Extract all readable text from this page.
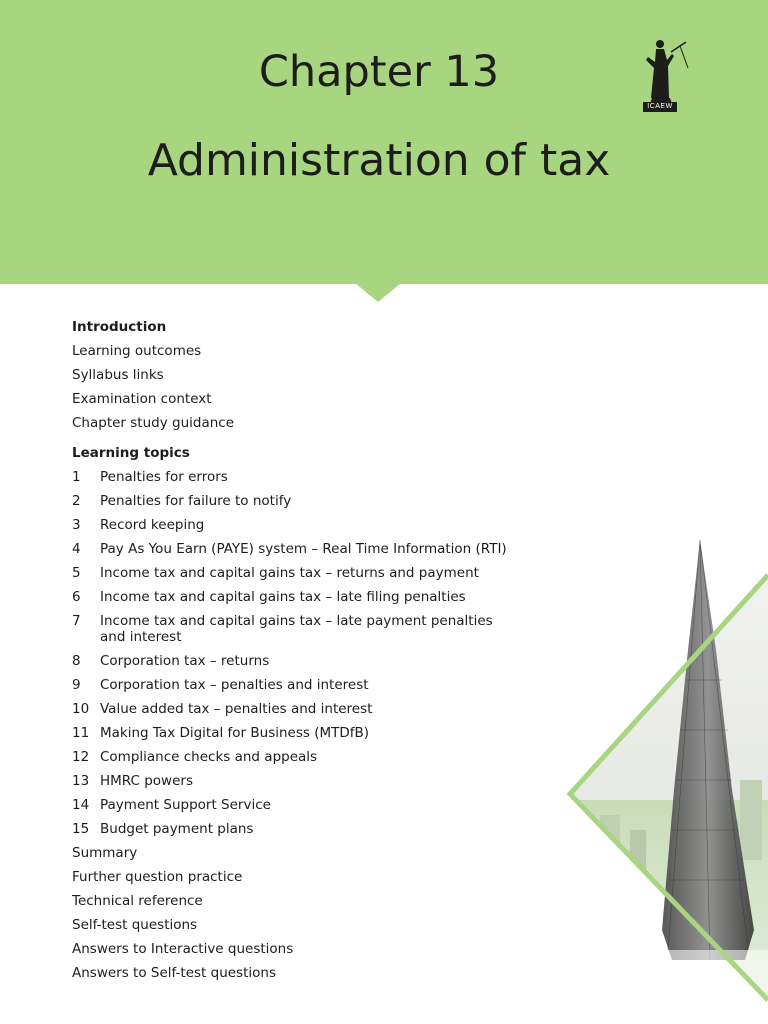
Chapter 13
Administration of tax
ICAEW
Introduction
Learning outcomes
Syllabus links
Examination context
Chapter study guidance
Learning topics
1	Penalties for errors
2	Penalties for failure to notify
3	Record keeping
4	Pay As You Earn (PAYE) system – Real Time Information (RTI)
5	Income tax and capital gains tax – returns and payment
6	Income tax and capital gains tax – late filing penalties
7	Income tax and capital gains tax – late payment penalties and interest
8	Corporation tax – returns
9	Corporation tax – penalties and interest
10 Value added tax – penalties and interest
11 Making Tax Digital for Business (MTDfB)
12 Compliance checks and appeals
13 HMRC powers
14 Payment Support Service
15 Budget payment plans
Summary
Further question practice
Technical reference
Self-test questions
Answers to Interactive questions
Answers to Self-test questions
